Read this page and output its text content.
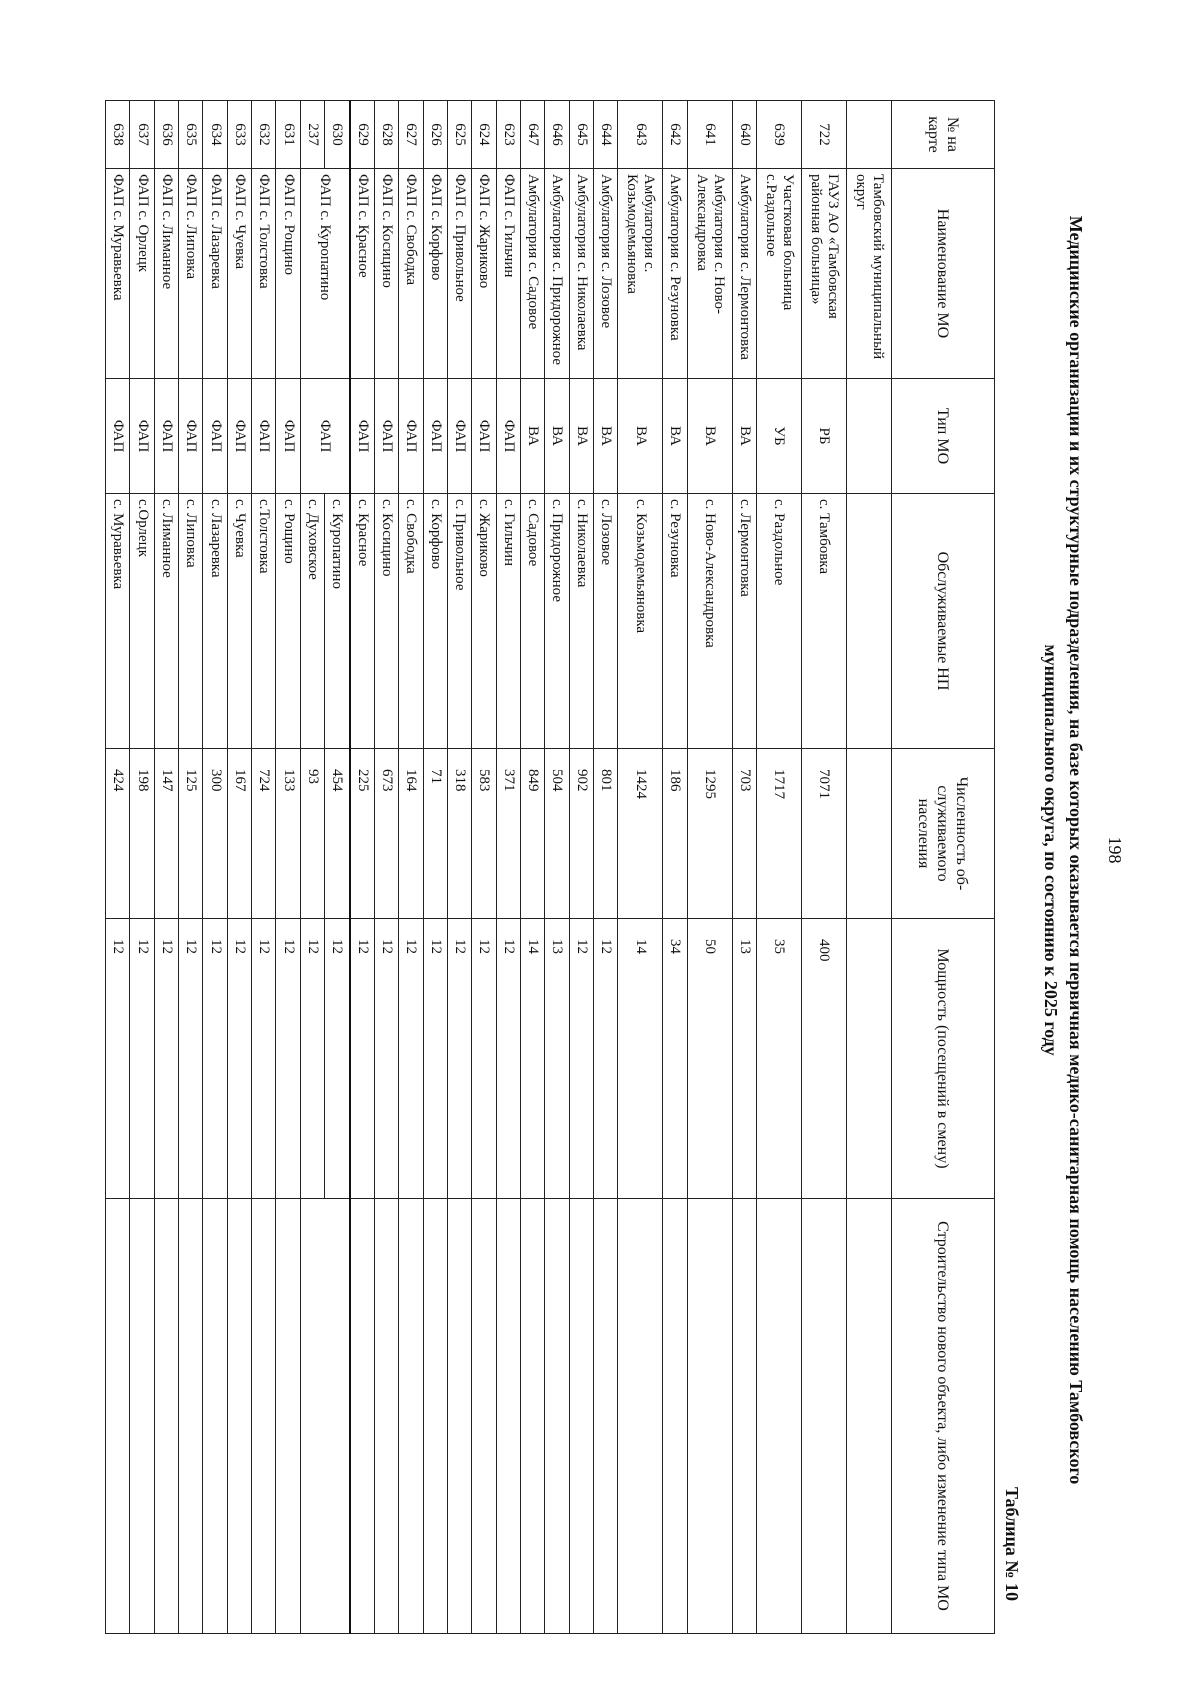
198
Медицинские организации и их структурные подразделения, на базе которых оказывается первичная медико-санитарная помощь населению Тамбовского
муниципального округа, по состоянию к 2025 году
Таблица № 10
№ на карте	Наименование МО	Тип МО	Обслуживаемые НП	Численность об-служиваемого населения	Мощность (посещений в смену)	Строительство нового объекта, либо изменение типа МО
	Тамбовский муниципальный округ					
722	ГАУЗ АО «Тамбовская районная больница»	РБ	с. Тамбовка	7071	400	
639	Участковая больница с.Раздольное	УБ	с. Раздольное	1717	35	
640	Амбулатория с. Лермонтовка	ВА	с. Лермонтовка	703	13	
641	Амбулатория с. Ново-Александровка	ВА	с. Ново-Александровка	1295	50	
642	Амбулатория с. Резуновка	ВА	с. Резуновка	186	34	
643	Амбулатория с. Козьмодемьяновка	ВА	с. Козьмодемьяновка	1424	14	
644	Амбулатория с. Лозовое	ВА	с. Лозовое	801	12	
645	Амбулатория с. Николаевка	ВА	с. Николаевка	902	12	
646	Амбулатория с. Придорожное	ВА	с. Придорожное	504	13	
647	Амбулатория с. Садовое	ВА	с. Садовое	849	14	
623	ФАП с. Гильчин	ФАП	с. Гильчин	371	12	
624	ФАП с. Жариково	ФАП	с. Жариково	583	12	
625	ФАП с. Привольное	ФАП	с. Привольное	318	12	
626	ФАП с. Корфово	ФАП	с. Корфово	71	12	
627	ФАП с. Свободка	ФАП	с. Свободка	164	12	
628	ФАП с. Косицино	ФАП	с. Косицино	673	12	
629	ФАП с. Красное	ФАП	с. Красное	225	12	
630	ФАП с. Куропатино	ФАП	с. Куропатино	454	12	
237			с. Духовское	93	12	
631	ФАП с. Рощино	ФАП	с. Рощино	133	12	
632	ФАП с. Толстовка	ФАП	с.Толстовка	724	12	
633	ФАП с. Чуевка	ФАП	с. Чуевка	167	12	
634	ФАП с. Лазаревка	ФАП	с. Лазаревка	300	12	
635	ФАП с. Липовка	ФАП	с. Липовка	125	12	
636	ФАП с. Лиманное	ФАП	с. Лиманное	147	12	
637	ФАП с. Орлецк	ФАП	с.Орлецк	198	12	
638	ФАП с. Муравьевка	ФАП	с. Муравьевка	424	12	
